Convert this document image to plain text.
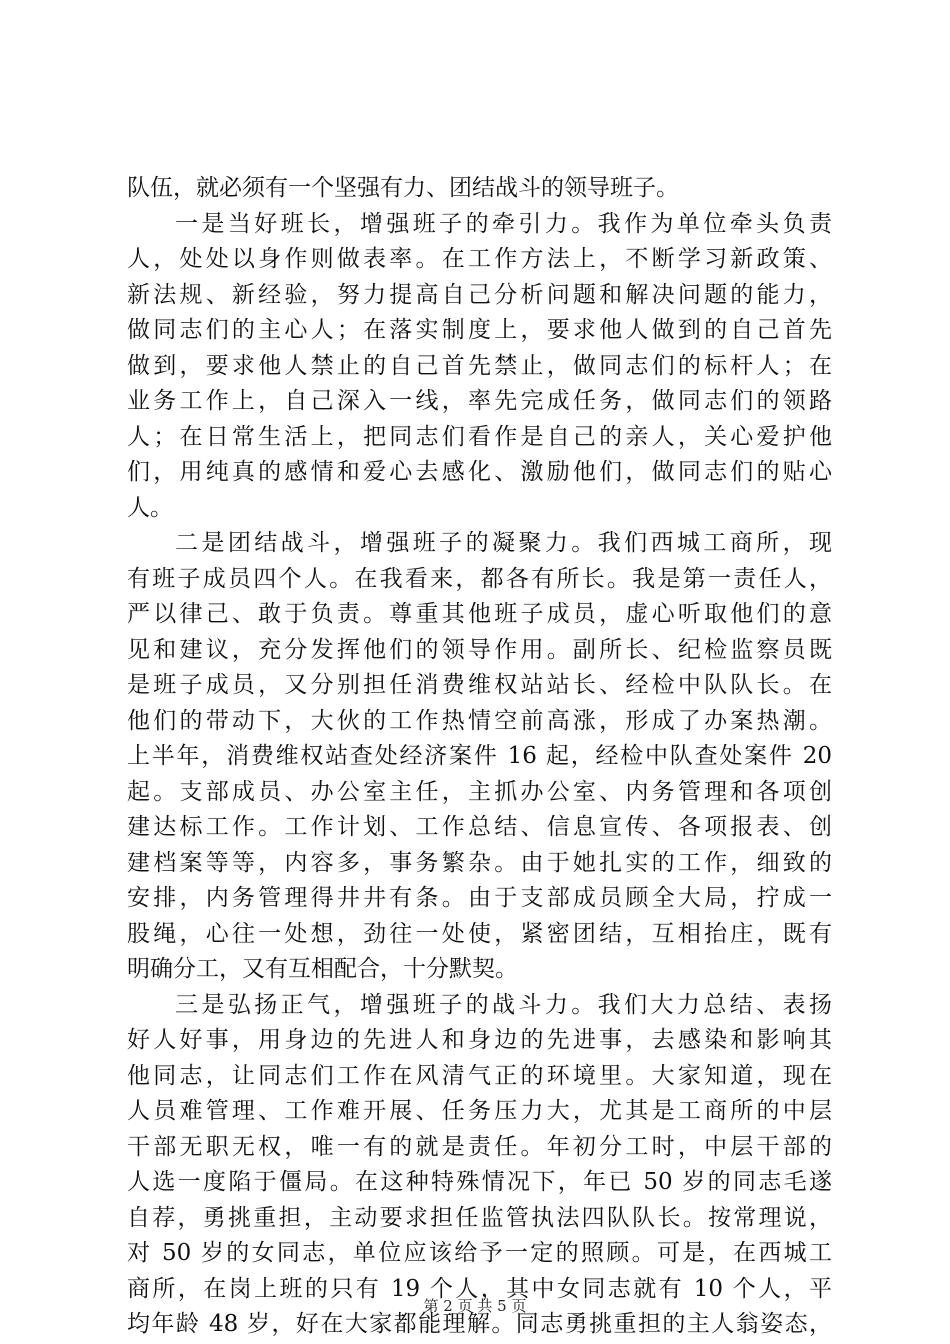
队伍，就必须有一个坚强有力、团结战斗的领导班子。
一是当好班长，增强班子的牵引力。我作为单位牵头负责
人，处处以身作则做表率。在工作方法上，不断学习新政策、
新法规、新经验，努力提高自己分析问题和解决问题的能力，
做同志们的主心人；在落实制度上，要求他人做到的自己首先
做到，要求他人禁止的自己首先禁止，做同志们的标杆人；在
业务工作上，自己深入一线，率先完成任务，做同志们的领路
人；在日常生活上，把同志们看作是自己的亲人，关心爱护他
们，用纯真的感情和爱心去感化、激励他们，做同志们的贴心
人。
二是团结战斗，增强班子的凝聚力。我们西城工商所，现
有班子成员四个人。在我看来，都各有所长。我是第一责任人，
严以律己、敢于负责。尊重其他班子成员，虚心听取他们的意
见和建议，充分发挥他们的领导作用。副所长、纪检监察员既
是班子成员，又分别担任消费维权站站长、经检中队队长。在
他们的带动下，大伙的工作热情空前高涨，形成了办案热潮。
上半年，消费维权站查处经济案件 16 起，经检中队查处案件 20
起。支部成员、办公室主任，主抓办公室、内务管理和各项创
建达标工作。工作计划、工作总结、信息宣传、各项报表、创
建档案等等，内容多，事务繁杂。由于她扎实的工作，细致的
安排，内务管理得井井有条。由于支部成员顾全大局，拧成一
股绳，心往一处想，劲往一处使，紧密团结，互相抬庄，既有
明确分工，又有互相配合，十分默契。
三是弘扬正气，增强班子的战斗力。我们大力总结、表扬
好人好事，用身边的先进人和身边的先进事，去感染和影响其
他同志，让同志们工作在风清气正的环境里。大家知道，现在
人员难管理、工作难开展、任务压力大，尤其是工商所的中层
干部无职无权，唯一有的就是责任。年初分工时，中层干部的
人选一度陷于僵局。在这种特殊情况下，年已 50 岁的同志毛遂
自荐，勇挑重担，主动要求担任监管执法四队队长。按常理说，
对 50 岁的女同志，单位应该给予一定的照顾。可是，在西城工
商所，在岗上班的只有 19 个人，其中女同志就有 10 个人，平
均年龄 48 岁，好在大家都能理解。同志勇挑重担的主人翁姿态，
第 2 页 共 5 页
